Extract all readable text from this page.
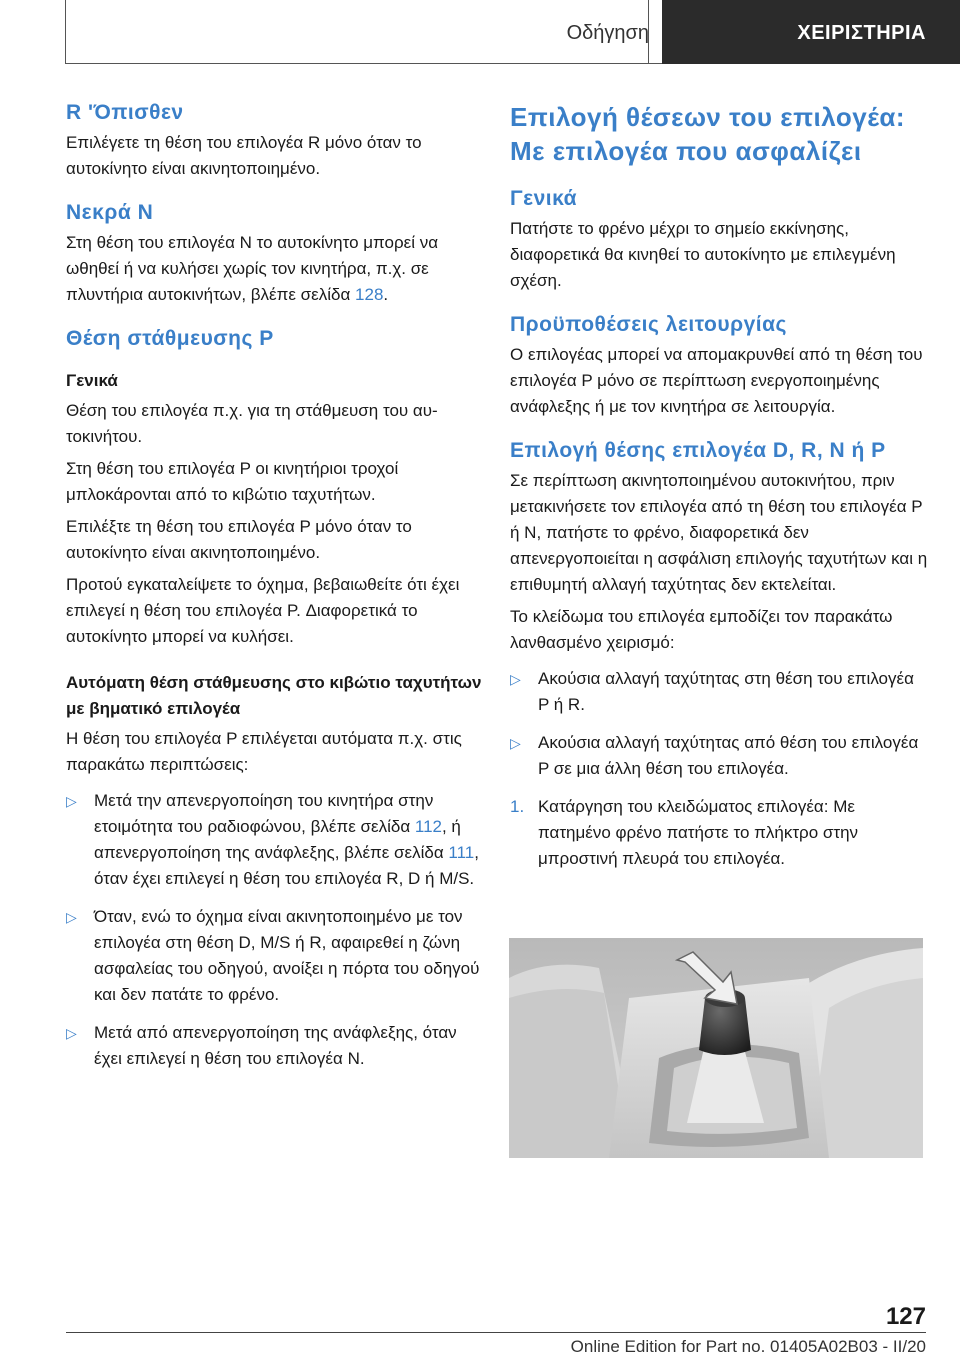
Οδήγηση	ΧΕΙΡΙΣΤΗΡΙΑ
R 'Όπισθεν
Επιλέγετε τη θέση του επιλογέα R μόνο όταν το αυτοκίνητο είναι ακινητοποιημένο.
Νεκρά N
Στη θέση του επιλογέα N το αυτοκίνητο μπορεί να ωθηθεί ή να κυλήσει χωρίς τον κινητήρα, π.χ. σε πλυντήρια αυτοκινήτων, βλέπε σελίδα 128.
Θέση στάθμευσης P
Γενικά
Θέση του επιλογέα π.χ. για τη στάθμευση του αυτοκινήτου.
Στη θέση του επιλογέα P οι κινητήριοι τροχοί μπλοκάρονται από το κιβώτιο ταχυτήτων.
Επιλέξτε τη θέση του επιλογέα P μόνο όταν το αυτοκίνητο είναι ακινητοποιημένο.
Προτού εγκαταλείψετε το όχημα, βεβαιωθείτε ότι έχει επιλεγεί η θέση του επιλογέα P. Διαφορετικά το αυτοκίνητο μπορεί να κυλήσει.
Αυτόματη θέση στάθμευσης στο κιβώτιο ταχυτήτων με βηματικό επιλογέα
Η θέση του επιλογέα P επιλέγεται αυτόματα π.χ. στις παρακάτω περιπτώσεις:
▷ Μετά την απενεργοποίηση του κινητήρα στην ετοιμότητα του ραδιοφώνου, βλέπε σελίδα 112, ή απενεργοποίηση της ανάφλεξης, βλέπε σελίδα 111, όταν έχει επιλεγεί η θέση του επιλογέα R, D ή M/S.
▷ Όταν, ενώ το όχημα είναι ακινητοποιημένο με τον επιλογέα στη θέση D, M/S ή R, αφαιρεθεί η ζώνη ασφαλείας του οδηγού, ανοίξει η πόρτα του οδηγού και δεν πατάτε το φρένο.
▷ Μετά από απενεργοποίηση της ανάφλεξης, όταν έχει επιλεγεί η θέση του επιλογέα N.
Επιλογή θέσεων του επιλογέα: Με επιλογέα που ασφαλίζει
Γενικά
Πατήστε το φρένο μέχρι το σημείο εκκίνησης, διαφορετικά θα κινηθεί το αυτοκίνητο με επιλεγμένη σχέση.
Προϋποθέσεις λειτουργίας
Ο επιλογέας μπορεί να απομακρυνθεί από τη θέση του επιλογέα P μόνο σε περίπτωση ενεργοποιημένης ανάφλεξης ή με τον κινητήρα σε λειτουργία.
Επιλογή θέσης επιλογέα D, R, N ή P
Σε περίπτωση ακινητοποιημένου αυτοκινήτου, πριν μετακινήσετε τον επιλογέα από τη θέση του επιλογέα P ή N, πατήστε το φρένο, διαφορετικά δεν απενεργοποιείται η ασφάλιση επιλογής ταχυτήτων και η επιθυμητή αλλαγή ταχύτητας δεν εκτελείται.
Το κλείδωμα του επιλογέα εμποδίζει τον παρακάτω λανθασμένο χειρισμό:
▷ Ακούσια αλλαγή ταχύτητας στη θέση του επιλογέα P ή R.
▷ Ακούσια αλλαγή ταχύτητας από θέση του επιλογέα P σε μια άλλη θέση του επιλογέα.
1. Κατάργηση του κλειδώματος επιλογέα: Με πατημένο φρένο πατήστε το πλήκτρο στην μπροστινή πλευρά του επιλογέα.
127
Online Edition for Part no. 01405A02B03 - II/20
